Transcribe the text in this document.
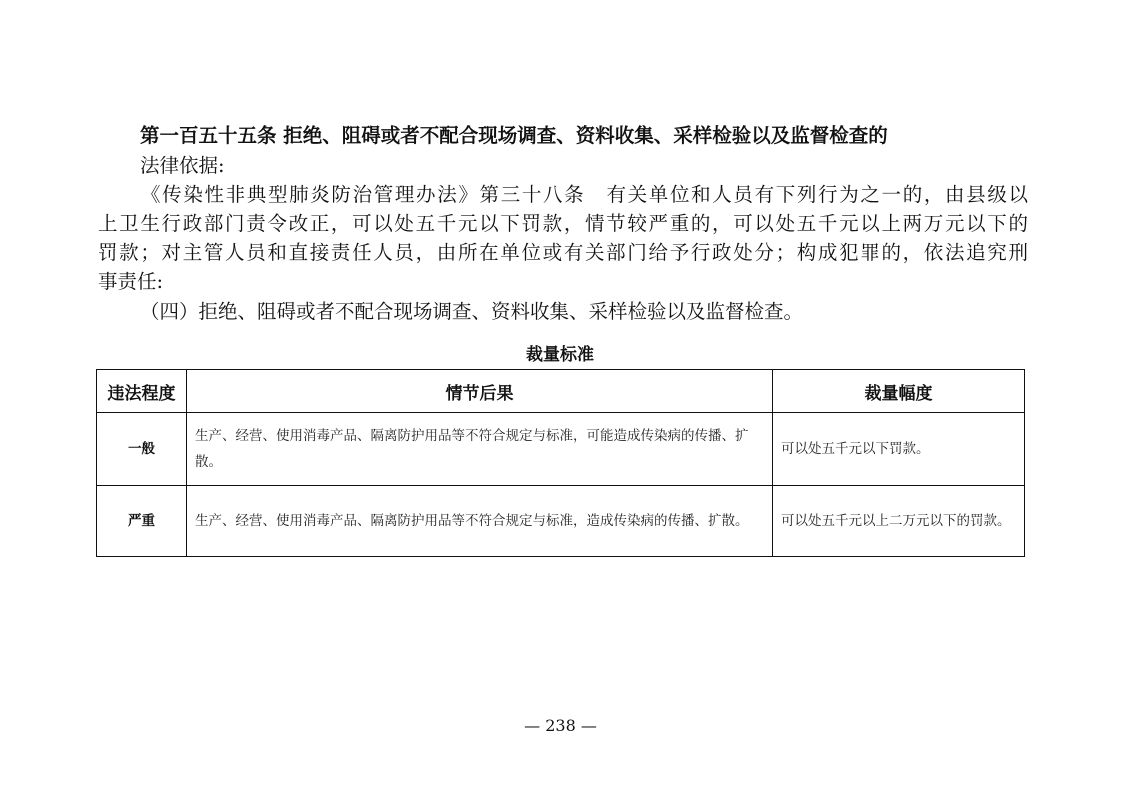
第一百五十五条 拒绝、阻碍或者不配合现场调查、资料收集、采样检验以及监督检查的
法律依据:
《传染性非典型肺炎防治管理办法》第三十八条　有关单位和人员有下列行为之一的，由县级以
上卫生行政部门责令改正，可以处五千元以下罚款，情节较严重的，可以处五千元以上两万元以下的
罚款；对主管人员和直接责任人员，由所在单位或有关部门给予行政处分；构成犯罪的，依法追究刑
事责任:
（四）拒绝、阻碍或者不配合现场调查、资料收集、采样检验以及监督检查。
裁量标准
违法程度	情节后果	裁量幅度
一般	生产、经营、使用消毒产品、隔离防护用品等不符合规定与标准，可能造成传染病的传播、扩散。	可以处五千元以下罚款。
严重	生产、经营、使用消毒产品、隔离防护用品等不符合规定与标准，造成传染病的传播、扩散。	可以处五千元以上二万元以下的罚款。
— 238 —
